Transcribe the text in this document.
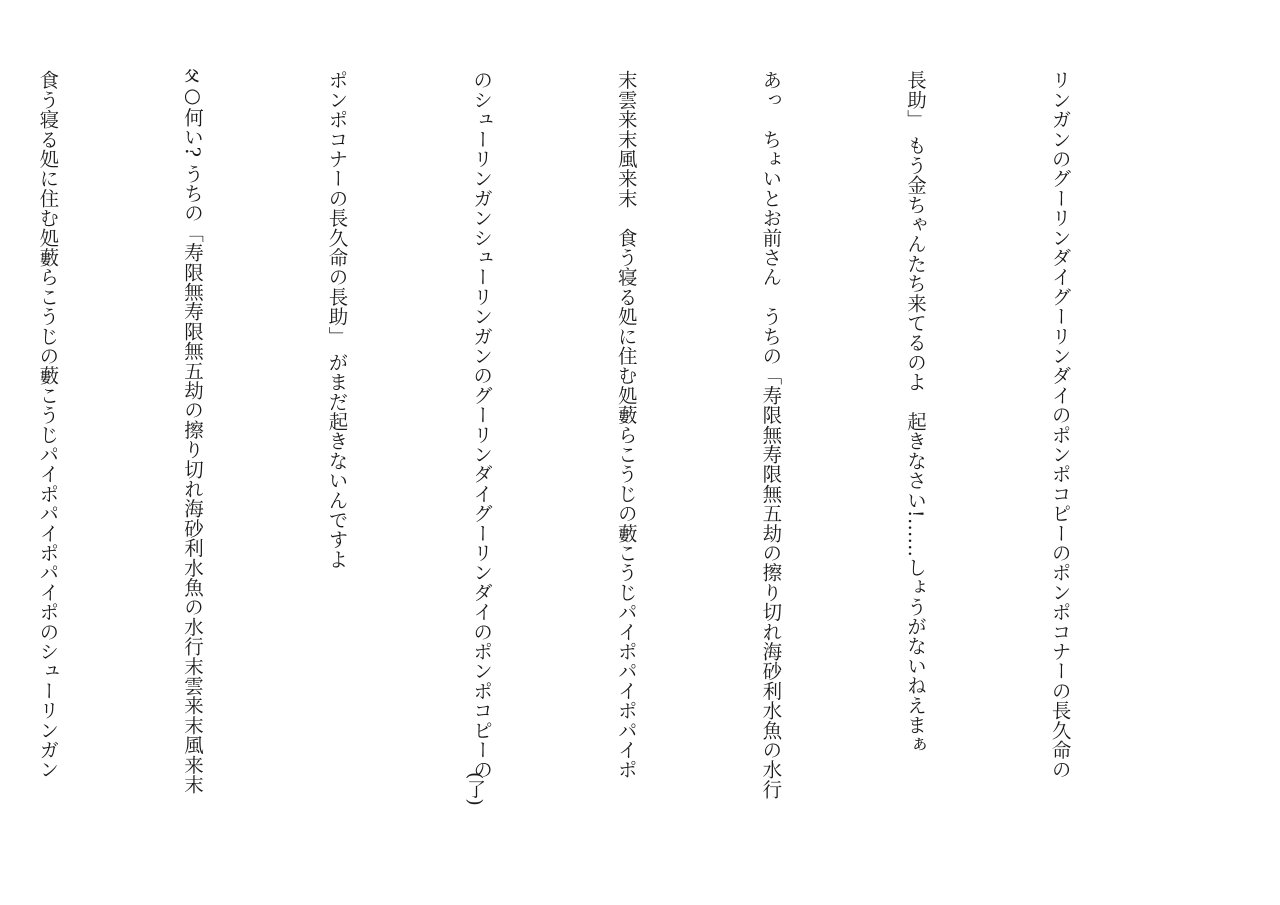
リンガンのグーリンダイグーリンダイのポンポコピーのポンポコナーの長久命の

長助」 もう金ちゃんたち来てるのよ　起きなさい!……しょうがないねえまぁ

あっ　ちょいとお前さん　うちの「寿限無寿限無五劫の擦り切れ海砂利水魚の水行

末雲来末風来末　食う寝る処に住む処藪らこうじの藪こうじパイポパイポパイポ

のシューリンガンシューリンガンのグーリンダイグーリンダイのポンポコピーの

ポンポコナーの長久命の長助」 がまだ起きないんですよ

父○何い? うちの「寿限無寿限無五劫の擦り切れ海砂利水魚の水行末雲来末風来末

食う寝る処に住む処藪らこうじの藪こうじパイポパイポパイポのシューリンガン

(了)
